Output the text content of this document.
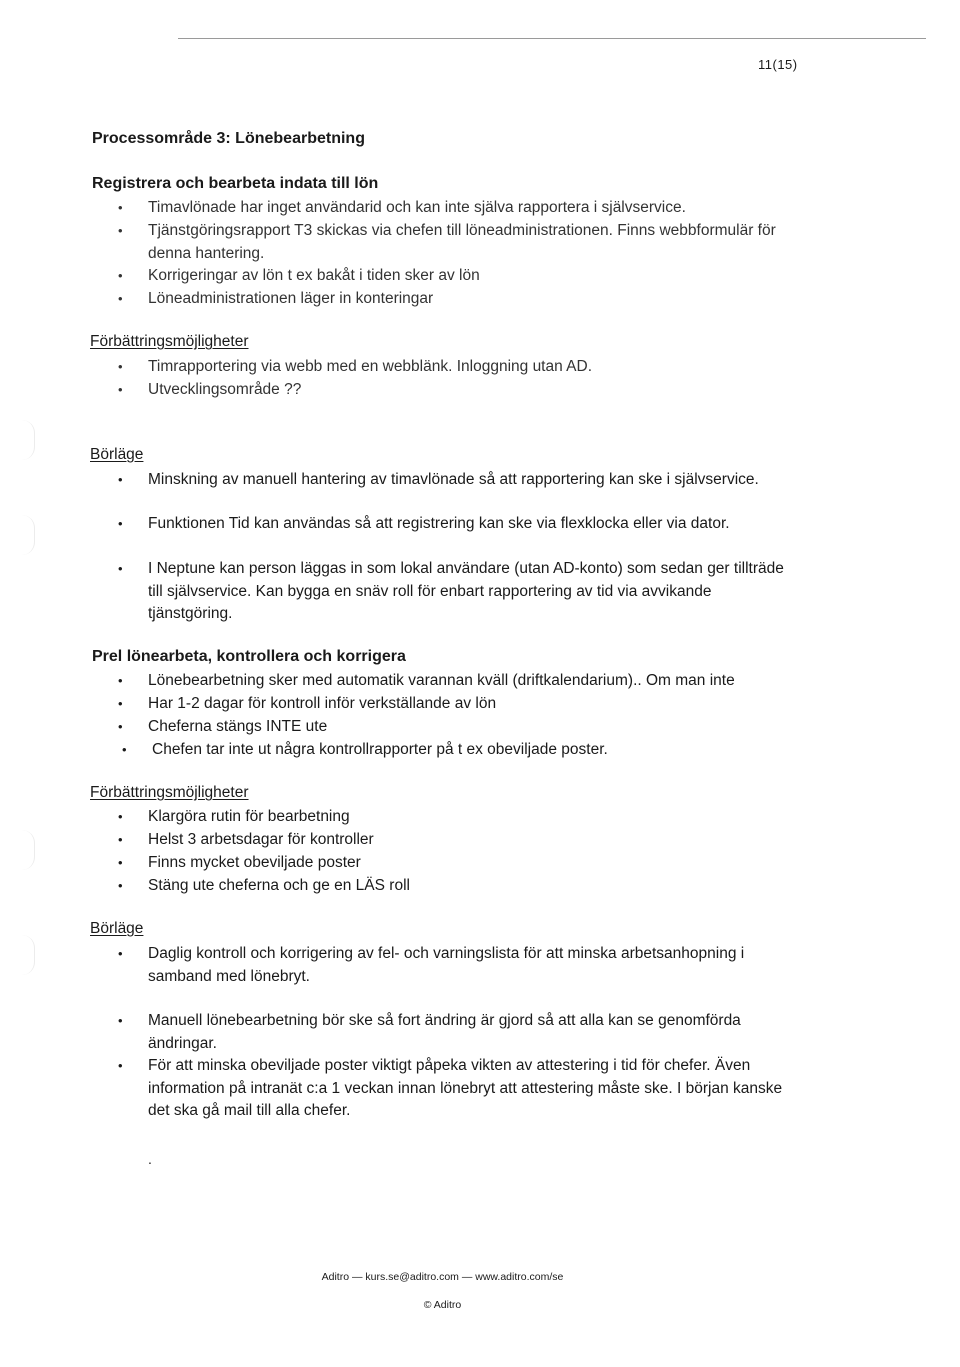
11(15)
Processområde 3: Lönebearbetning
Registrera och bearbeta indata till lön
• Timavlönade har inget användarid och kan inte själva rapportera i självservice.
• Tjänstgöringsrapport T3 skickas via chefen till löneadministrationen. Finns webbformulär för denna hantering.
• Korrigeringar av lön t ex bakåt i tiden sker av lön
• Löneadministrationen läger in konteringar
Förbättringsmöjligheter
• Timrapportering via webb med en webblänk. Inloggning utan AD.
• Utvecklingsområde ??
Börläge
• Minskning av manuell hantering av timavlönade så att rapportering kan ske i självservice.
• Funktionen Tid kan användas så att registrering kan ske via flexklocka eller via dator.
• I Neptune kan person läggas in som lokal användare (utan AD-konto) som sedan ger tillträde till självservice. Kan bygga en snäv roll för enbart rapportering av tid via avvikande tjänstgöring.
Prel lönearbeta, kontrollera och korrigera
• Lönebearbetning sker med automatik varannan kväll (driftkalendarium).. Om man inte
• Har 1-2 dagar för kontroll inför verkställande av lön
• Cheferna stängs INTE ute
• Chefen tar inte ut några kontrollrapporter på t ex obeviljade poster.
Förbättringsmöjligheter
• Klargöra rutin för bearbetning
• Helst 3 arbetsdagar för kontroller
• Finns mycket obeviljade poster
• Stäng ute cheferna och ge en LÄS roll
Börläge
• Daglig kontroll och korrigering av fel- och varningslista för att minska arbetsanhopning i samband med lönebryt.
• Manuell lönebearbetning bör ske så fort ändring är gjord så att alla kan se genomförda ändringar.
• För att minska obeviljade poster viktigt påpeka vikten av attestering i tid för chefer. Även information på intranät c:a 1 veckan innan lönebryt att attestering måste ske. I början kanske det ska gå mail till alla chefer.
.
Aditro — kurs.se@aditro.com — www.aditro.com/se
© Aditro
